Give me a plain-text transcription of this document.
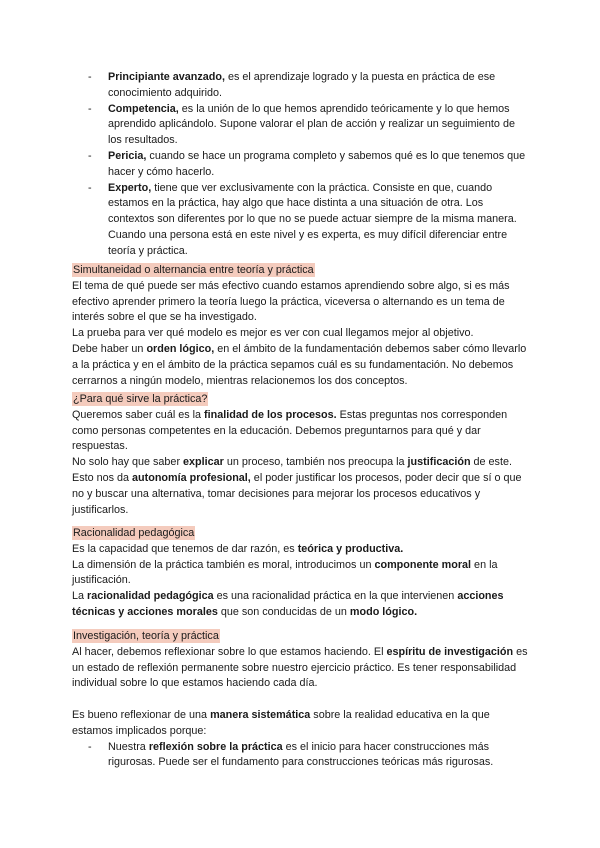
- Principiante avanzado, es el aprendizaje logrado y la puesta en práctica de ese conocimiento adquirido.

- Competencia, es la unión de lo que hemos aprendido teóricamente y lo que hemos aprendido aplicándolo. Supone valorar el plan de acción y realizar un seguimiento de los resultados.

- Pericia, cuando se hace un programa completo y sabemos qué es lo que tenemos que hacer y cómo hacerlo.

- Experto, tiene que ver exclusivamente con la práctica. Consiste en que, cuando estamos en la práctica, hay algo que hace distinta a una situación de otra. Los contextos son diferentes por lo que no se puede actuar siempre de la misma manera. Cuando una persona está en este nivel y es experta, es muy difícil diferenciar entre teoría y práctica.

Simultaneidad o alternancia entre teoría y práctica

El tema de qué puede ser más efectivo cuando estamos aprendiendo sobre algo, si es más efectivo aprender primero la teoría luego la práctica, viceversa o alternando es un tema de interés sobre el que se ha investigado.

La prueba para ver qué modelo es mejor es ver con cual llegamos mejor al objetivo.

Debe haber un orden lógico, en el ámbito de la fundamentación debemos saber cómo llevarlo a la práctica y en el ámbito de la práctica sepamos cuál es su fundamentación. No debemos cerrarnos a ningún modelo, mientras relacionemos los dos conceptos.

¿Para qué sirve la práctica?

Queremos saber cuál es la finalidad de los procesos. Estas preguntas nos corresponden como personas competentes en la educación. Debemos preguntarnos para qué y dar respuestas.

No solo hay que saber explicar un proceso, también nos preocupa la justificación de este. Esto nos da autonomía profesional, el poder justificar los procesos, poder decir que sí o que no y buscar una alternativa, tomar decisiones para mejorar los procesos educativos y justificarlos.

Racionalidad pedagógica

Es la capacidad que tenemos de dar razón, es teórica y productiva.

La dimensión de la práctica también es moral, introducimos un componente moral en la justificación.

La racionalidad pedagógica es una racionalidad práctica en la que intervienen acciones técnicas y acciones morales que son conducidas de un modo lógico.

Investigación, teoría y práctica

Al hacer, debemos reflexionar sobre lo que estamos haciendo. El espíritu de investigación es un estado de reflexión permanente sobre nuestro ejercicio práctico. Es tener responsabilidad individual sobre lo que estamos haciendo cada día.

Es bueno reflexionar de una manera sistemática sobre la realidad educativa en la que estamos implicados porque:

- Nuestra reflexión sobre la práctica es el inicio para hacer construcciones más rigurosas. Puede ser el fundamento para construcciones teóricas más rigurosas.
